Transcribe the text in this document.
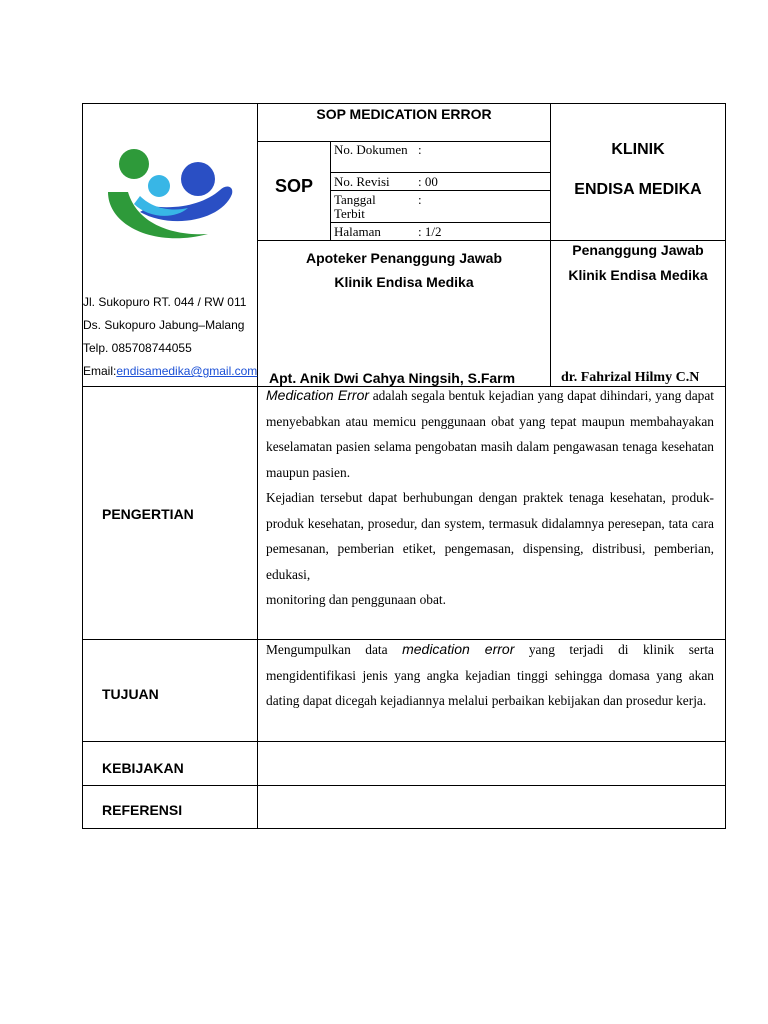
Jl. Sukopuro RT. 044 / RW 011
Ds. Sukopuro Jabung–Malang
Telp. 085708744055
Email:endisamedika@gmail.com
SOP MEDICATION ERROR
SOP
No. Dokumen :
No. Revisi : 00
Tanggal Terbit
:
Halaman	: 1/2
KLINIK
ENDISA MEDIKA
Apoteker Penanggung Jawab
Klinik Endisa Medika
Apt. Anik Dwi Cahya Ningsih, S.Farm
Penanggung Jawab
Klinik Endisa Medika
dr. Fahrizal Hilmy C.N
PENGERTIAN
TUJUAN
KEBIJAKAN
REFERENSI

Medication Error adalah segala bentuk kejadian yang dapat dihindari, yang dapat menyebabkan atau memicu penggunaan obat yang tepat maupun membahayakan keselamatan pasien selama pengobatan masih dalam pengawasan tenaga kesehatan maupun pasien.

Kejadian tersebut dapat berhubungan dengan praktek tenaga kesehatan, produk-produk kesehatan, prosedur, dan system, termasuk didalamnya peresepan, tata cara pemesanan, pemberian etiket, pengemasan, dispensing, distribusi, pemberian, edukasi,

monitoring dan penggunaan obat.

Mengumpulkan data medication error yang terjadi di klinik serta mengidentifikasi jenis yang angka kejadian tinggi sehingga domasa yang akan dating dapat dicegah kejadiannya melalui perbaikan kebijakan dan prosedur kerja.
